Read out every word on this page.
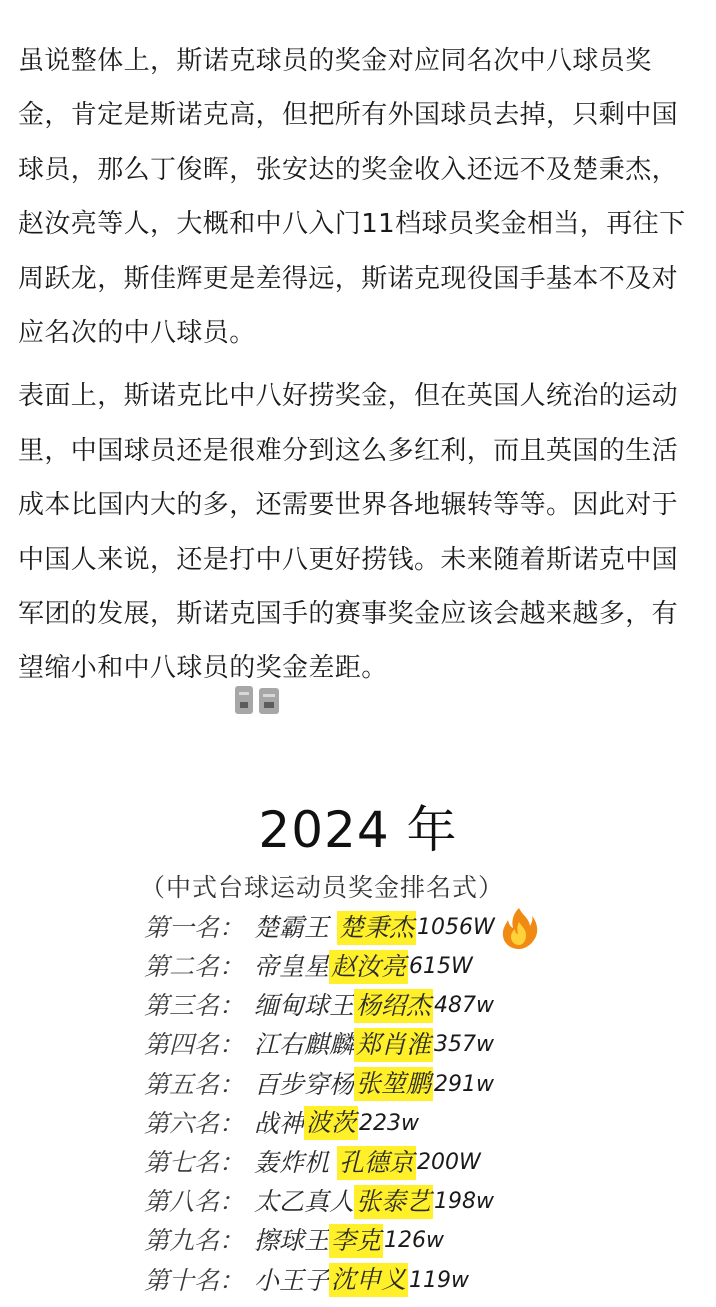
虽说整体上，斯诺克球员的奖金对应同名次中八球员奖金，肯定是斯诺克高，但把所有外国球员去掉，只剩中国球员，那么丁俊晖，张安达的奖金收入还远不及楚秉杰，赵汝亮等人，大概和中八入门11档球员奖金相当，再往下周跃龙，斯佳辉更是差得远，斯诺克现役国手基本不及对应名次的中八球员。

表面上，斯诺克比中八好捞奖金，但在英国人统治的运动里，中国球员还是很难分到这么多红利，而且英国的生活成本比国内大的多，还需要世界各地辗转等等。因此对于中国人来说，还是打中八更好捞钱。未来随着斯诺克中国军团的发展，斯诺克国手的赛事奖金应该会越来越多，有望缩小和中八球员的奖金差距。

2024 年
（中式台球运动员奖金排名式）
第一名： 楚霸王 楚秉杰 1056W
第二名： 帝皇星赵汝亮 615W
第三名： 缅甸球王杨绍杰 487w
第四名： 江右麒麟郑肖淮 357w
第五名： 百步穿杨张堃鹏 291w
第六名： 战神波茨 223w
第七名： 轰炸机 孔德京 200W
第八名： 太乙真人张泰艺 198w
第九名： 擦球王李克 126w
第十名： 小王子沈申义 119w
